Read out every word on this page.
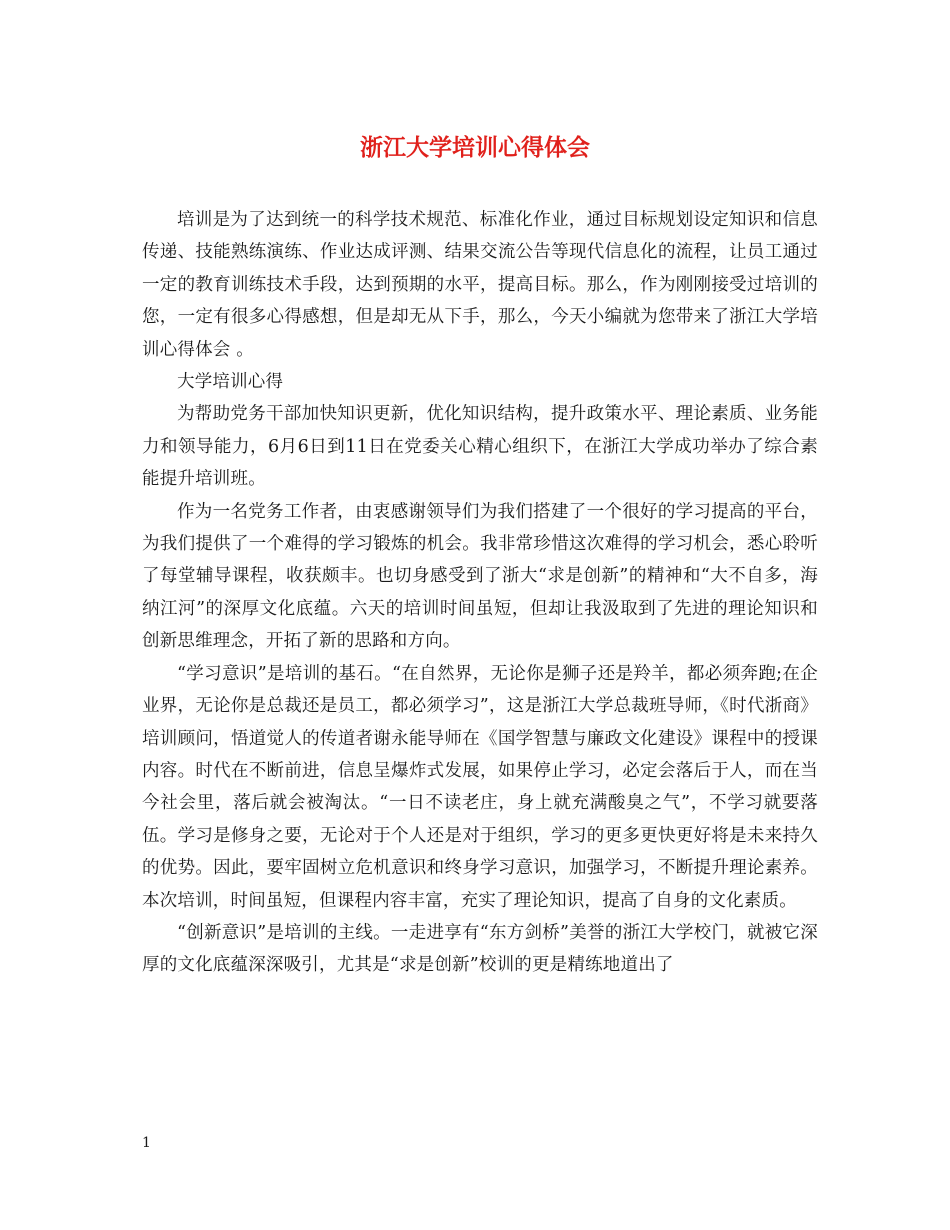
浙江大学培训心得体会

培训是为了达到统一的科学技术规范、标准化作业，通过目标规划设定知识和信息传递、技能熟练演练、作业达成评测、结果交流公告等现代信息化的流程，让员工通过一定的教育训练技术手段，达到预期的水平，提高目标。那么，作为刚刚接受过培训的您，一定有很多心得感想，但是却无从下手，那么，今天小编就为您带来了浙江大学培训心得体会 。

大学培训心得

为帮助党务干部加快知识更新，优化知识结构，提升政策水平、理论素质、业务能力和领导能力，6月6日到11日在党委关心精心组织下，在浙江大学成功举办了综合素能提升培训班。

作为一名党务工作者，由衷感谢领导们为我们搭建了一个很好的学习提高的平台，为我们提供了一个难得的学习锻炼的机会。我非常珍惜这次难得的学习机会，悉心聆听了每堂辅导课程，收获颇丰。也切身感受到了浙大“求是创新”的精神和“大不自多，海纳江河”的深厚文化底蕴。六天的培训时间虽短，但却让我汲取到了先进的理论知识和创新思维理念，开拓了新的思路和方向。

“学习意识”是培训的基石。“在自然界，无论你是狮子还是羚羊，都必须奔跑;在企业界，无论你是总裁还是员工，都必须学习”，这是浙江大学总裁班导师，《时代浙商》培训顾问，悟道觉人的传道者谢永能导师在《国学智慧与廉政文化建设》课程中的授课内容。时代在不断前进，信息呈爆炸式发展，如果停止学习，必定会落后于人，而在当今社会里，落后就会被淘汰。“一日不读老庄，身上就充满酸臭之气”，不学习就要落伍。学习是修身之要，无论对于个人还是对于组织，学习的更多更快更好将是未来持久的优势。因此，要牢固树立危机意识和终身学习意识，加强学习，不断提升理论素养。本次培训，时间虽短，但课程内容丰富，充实了理论知识，提高了自身的文化素质。

“创新意识”是培训的主线。一走进享有“东方剑桥”美誉的浙江大学校门，就被它深厚的文化底蕴深深吸引，尤其是“求是创新”校训的更是精练地道出了

1
